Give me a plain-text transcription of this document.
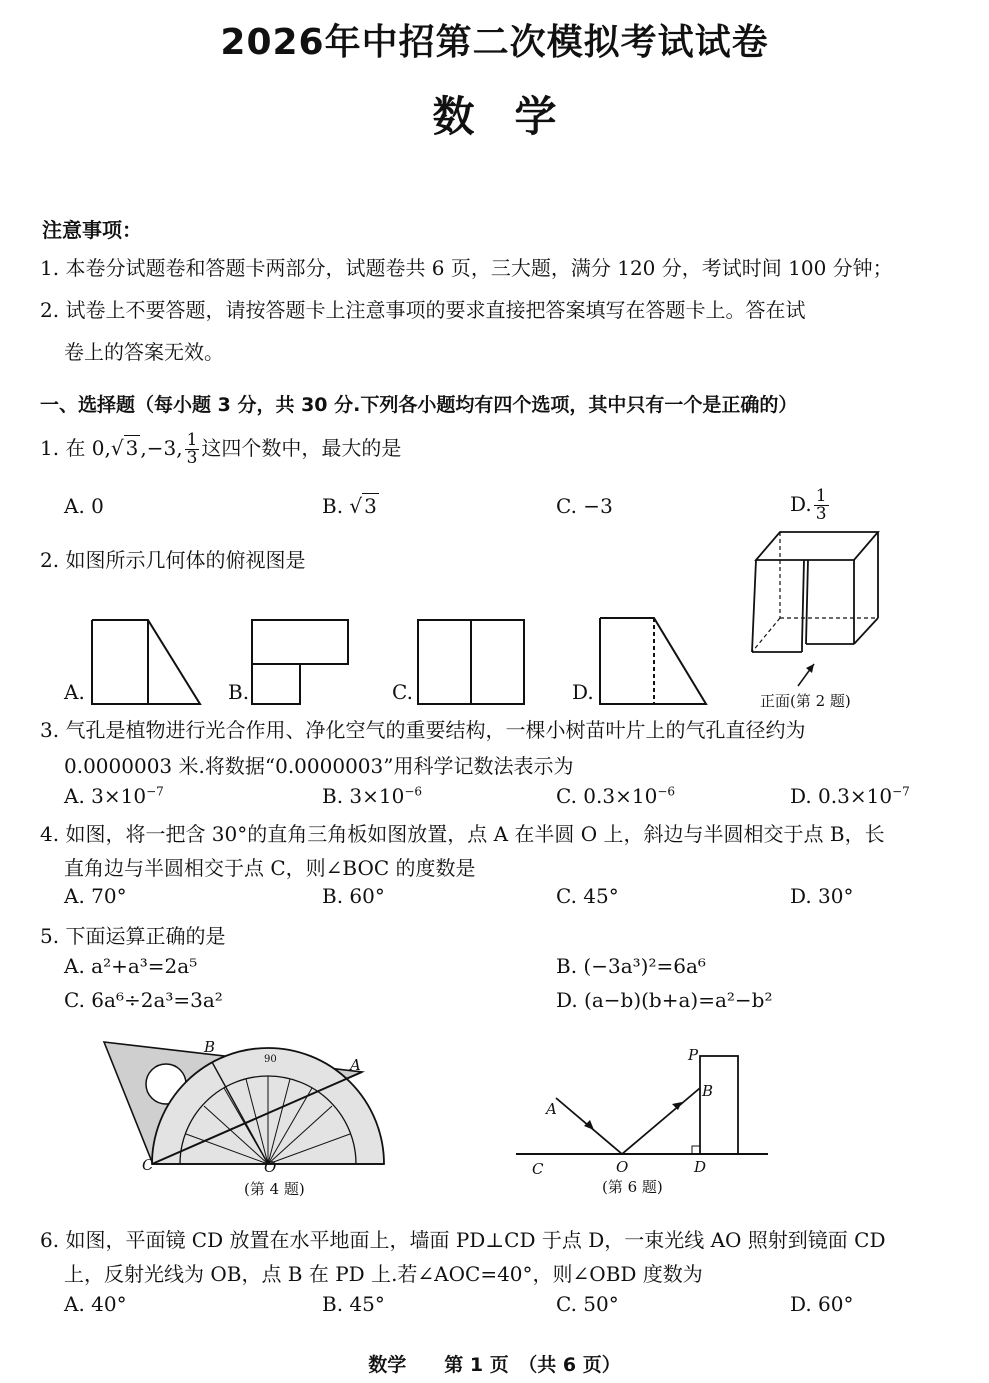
2026年中招第二次模拟考试试卷
数学
注意事项：
1. 本卷分试题卷和答题卡两部分，试题卷共 6 页，三大题，满分 120 分，考试时间 100 分钟；
2. 试卷上不要答题，请按答题卡上注意事项的要求直接把答案填写在答题卡上。答在试
卷上的答案无效。
一、选择题（每小题 3 分，共 30 分.下列各小题均有四个选项，其中只有一个是正确的）
1. 在 0,√ 3 ,−3, $\frac{1}{3}$ 这四个数中，最大的是
A. 0	B. √ 3	C. −3	D. $\frac{1}{3}$
2. 如图所示几何体的俯视图是
A.	B.	C.	D.	正面(第 2 题)
3. 气孔是植物进行光合作用、净化空气的重要结构，一棵小树苗叶片上的气孔直径约为
0.0000003 米.将数据“0.0000003”用科学记数法表示为
A. $3\times 10^{-7}$	B. $3\times 10^{-6}$	C. $0.3\times 10^{-6}$	D. $0.3\times 10^{-7}$
4. 如图，将一把含 30°的直角三角板如图放置，点 A 在半圆 O 上，斜边与半圆相交于点 B，长
直角边与半圆相交于点 C，则∠BOC 的度数是
A. 70°	B. 60°	C. 45°	D. 30°
5. 下面运算正确的是
A. a²+a³=2a⁵	B. (−3a³)²=6a⁶
C. 6a⁶÷2a³=3a²	D. (a−b)(b+a)=a²−b²
90
B
A
C	O
(第 4 题)
A
B
C	O	D
P
(第 6 题)
6. 如图，平面镜 CD 放置在水平地面上，墙面 PD⊥CD 于点 D，一束光线 AO 照射到镜面 CD
上，反射光线为 OB，点 B 在 PD 上.若∠AOC=40°，则∠OBD 度数为
A. 40°	B. 45°	C. 50°	D. 60°
数学　　第 1 页　（共 6 页）
